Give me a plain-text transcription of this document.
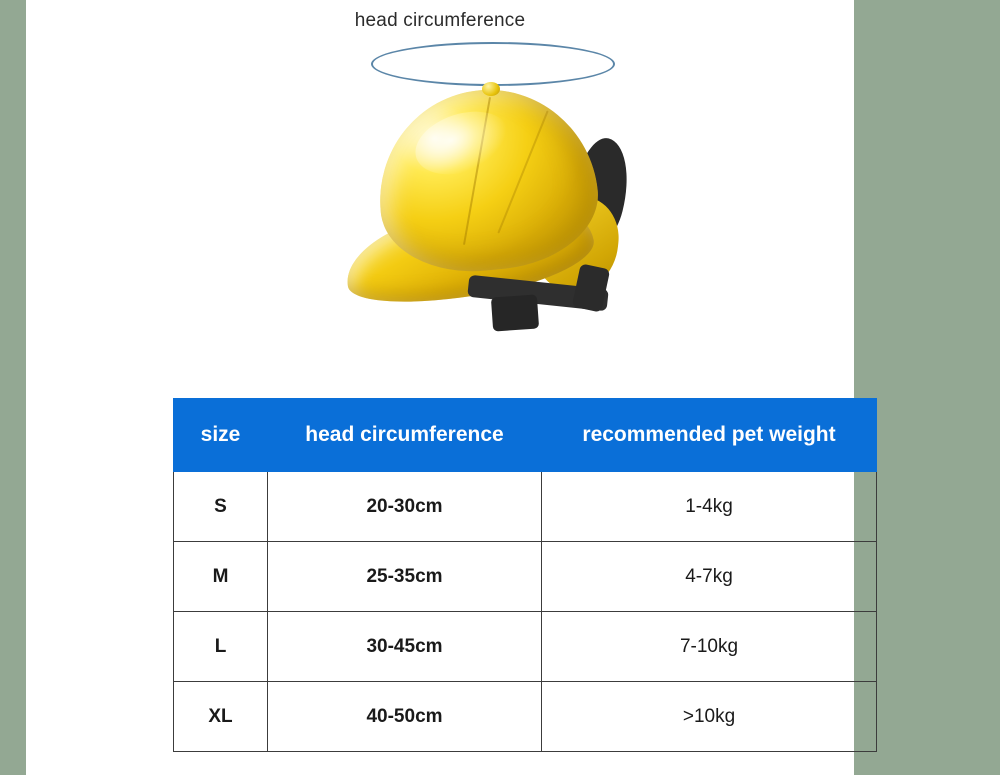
head circumference
size	head circumference	recommended pet weight
S	20-30cm	1-4kg
M	25-35cm	4-7kg
L	30-45cm	7-10kg
XL	40-50cm	>10kg
